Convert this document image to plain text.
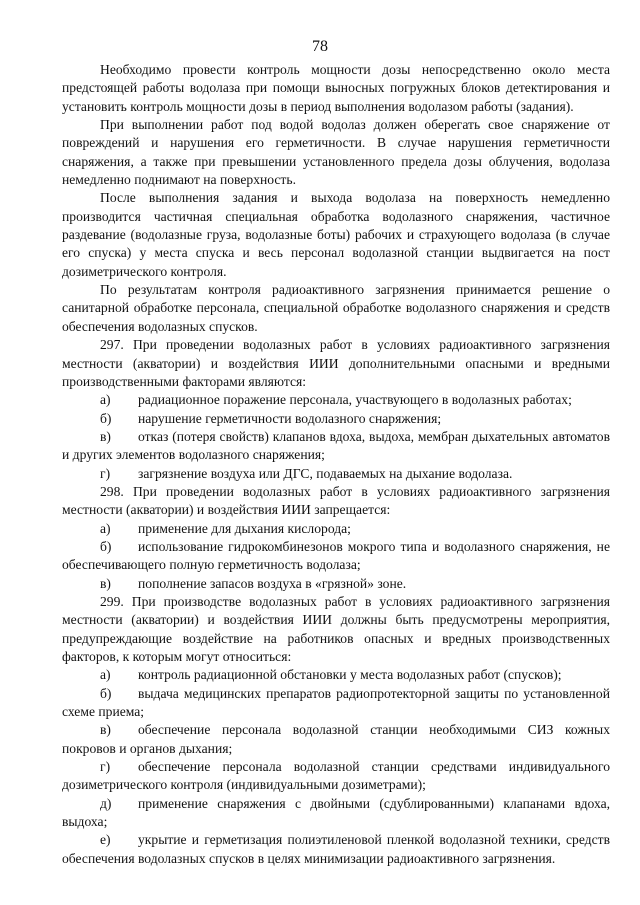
78

Необходимо провести контроль мощности дозы непосредственно около места предстоящей работы водолаза при помощи выносных погружных блоков детектирования и установить контроль мощности дозы в период выполнения водолазом работы (задания).

При выполнении работ под водой водолаз должен оберегать свое снаряжение от повреждений и нарушения его герметичности. В случае нарушения герметичности снаряжения, а также при превышении установленного предела дозы облучения, водолаза немедленно поднимают на поверхность.

После выполнения задания и выхода водолаза на поверхность немедленно производится частичная специальная обработка водолазного снаряжения, частичное раздевание (водолазные груза, водолазные боты) рабочих и страхующего водолаза (в случае его спуска) у места спуска и весь персонал водолазной станции выдвигается на пост дозиметрического контроля.

По результатам контроля радиоактивного загрязнения принимается решение о санитарной обработке персонала, специальной обработке водолазного снаряжения и средств обеспечения водолазных спусков.

297. При проведении водолазных работ в условиях радиоактивного загрязнения местности (акватории) и воздействия ИИИ дополнительными опасными и вредными производственными факторами являются:

а) радиационное поражение персонала, участвующего в водолазных работах;

б) нарушение герметичности водолазного снаряжения;

в) отказ (потеря свойств) клапанов вдоха, выдоха, мембран дыхательных автоматов и других элементов водолазного снаряжения;

г) загрязнение воздуха или ДГС, подаваемых на дыхание водолаза.

298. При проведении водолазных работ в условиях радиоактивного загрязнения местности (акватории) и воздействия ИИИ запрещается:

а) применение для дыхания кислорода;

б) использование гидрокомбинезонов мокрого типа и водолазного снаряжения, не обеспечивающего полную герметичность водолаза;

в) пополнение запасов воздуха в «грязной» зоне.

299. При производстве водолазных работ в условиях радиоактивного загрязнения местности (акватории) и воздействия ИИИ должны быть предусмотрены мероприятия, предупреждающие воздействие на работников опасных и вредных производственных факторов, к которым могут относиться:

а) контроль радиационной обстановки у места водолазных работ (спусков);

б) выдача медицинских препаратов радиопротекторной защиты по установленной схеме приема;

в) обеспечение персонала водолазной станции необходимыми СИЗ кожных покровов и органов дыхания;

г) обеспечение персонала водолазной станции средствами индивидуального дозиметрического контроля (индивидуальными дозиметрами);

д) применение снаряжения с двойными (сдублированными) клапанами вдоха, выдоха;

е) укрытие и герметизация полиэтиленовой пленкой водолазной техники, средств обеспечения водолазных спусков в целях минимизации радиоактивного загрязнения.
